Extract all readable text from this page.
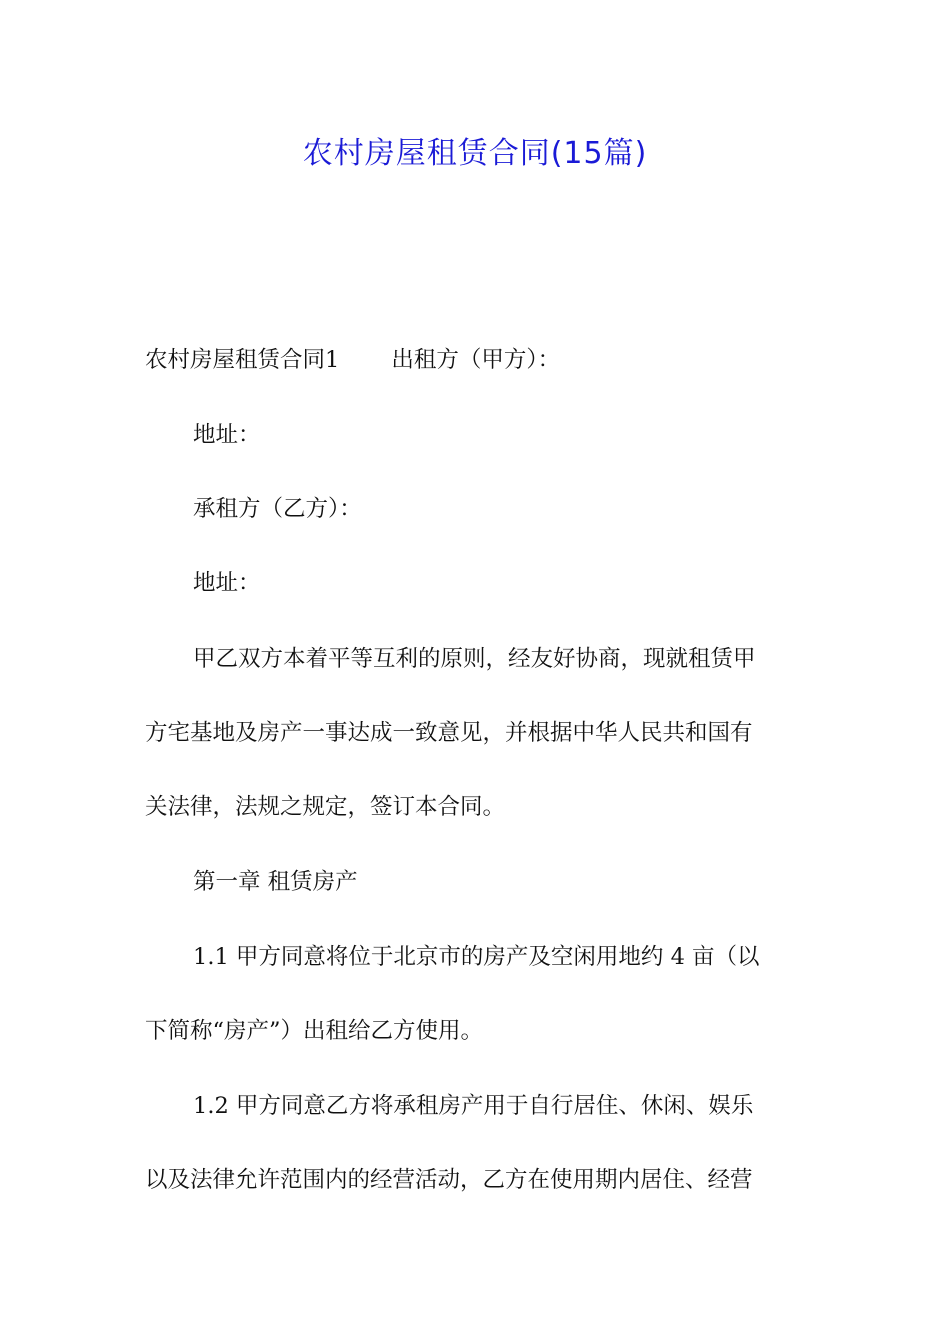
农村房屋租赁合同(15篇)
农村房屋租赁合同1 出租方（甲方）：
地址：
承租方（乙方）：
地址：
甲乙双方本着平等互利的原则，经友好协商，现就租赁甲
方宅基地及房产一事达成一致意见，并根据中华人民共和国有
关法律，法规之规定，签订本合同。
第一章 租赁房产
1.1 甲方同意将位于北京市的房产及空闲用地约 4 亩（以
下简称“房产”）出租给乙方使用。
1.2 甲方同意乙方将承租房产用于自行居住、休闲、娱乐
以及法律允许范围内的经营活动，乙方在使用期内居住、经营
